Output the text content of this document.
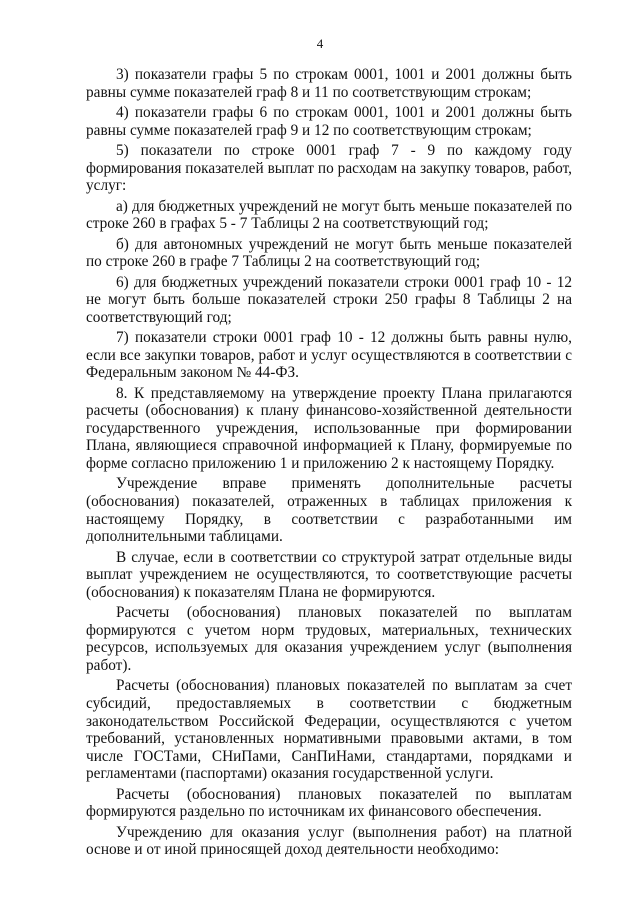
4

3) показатели графы 5 по строкам 0001, 1001 и 2001 должны быть равны сумме показателей граф 8 и 11 по соответствующим строкам;

4) показатели графы 6 по строкам 0001, 1001 и 2001 должны быть равны сумме показателей граф 9 и 12 по соответствующим строкам;

5) показатели по строке 0001 граф 7 - 9 по каждому году формирования показателей выплат по расходам на закупку товаров, работ, услуг:

а) для бюджетных учреждений не могут быть меньше показателей по строке 260 в графах 5 - 7 Таблицы 2 на соответствующий год;

б) для автономных учреждений не могут быть меньше показателей по строке 260 в графе 7 Таблицы 2 на соответствующий год;

6) для бюджетных учреждений показатели строки 0001 граф 10 - 12 не могут быть больше показателей строки 250 графы 8 Таблицы 2 на соответствующий год;

7) показатели строки 0001 граф 10 - 12 должны быть равны нулю, если все закупки товаров, работ и услуг осуществляются в соответствии с Федеральным законом № 44-ФЗ.

8. К представляемому на утверждение проекту Плана прилагаются расчеты (обоснования) к плану финансово-хозяйственной деятельности государственного учреждения, использованные при формировании Плана, являющиеся справочной информацией к Плану, формируемые по форме согласно приложению 1 и приложению 2 к настоящему Порядку.

Учреждение вправе применять дополнительные расчеты (обоснования) показателей, отраженных в таблицах приложения к настоящему Порядку, в соответствии с разработанными им дополнительными таблицами.

В случае, если в соответствии со структурой затрат отдельные виды выплат учреждением не осуществляются, то соответствующие расчеты (обоснования) к показателям Плана не формируются.

Расчеты (обоснования) плановых показателей по выплатам формируются с учетом норм трудовых, материальных, технических ресурсов, используемых для оказания учреждением услуг (выполнения работ).

Расчеты (обоснования) плановых показателей по выплатам за счет субсидий, предоставляемых в соответствии с бюджетным законодательством Российской Федерации, осуществляются с учетом требований, установленных нормативными правовыми актами, в том числе ГОСТами, СНиПами, СанПиНами, стандартами, порядками и регламентами (паспортами) оказания государственной услуги.

Расчеты (обоснования) плановых показателей по выплатам формируются раздельно по источникам их финансового обеспечения.

Учреждению для оказания услуг (выполнения работ) на платной основе и от иной приносящей доход деятельности необходимо:
